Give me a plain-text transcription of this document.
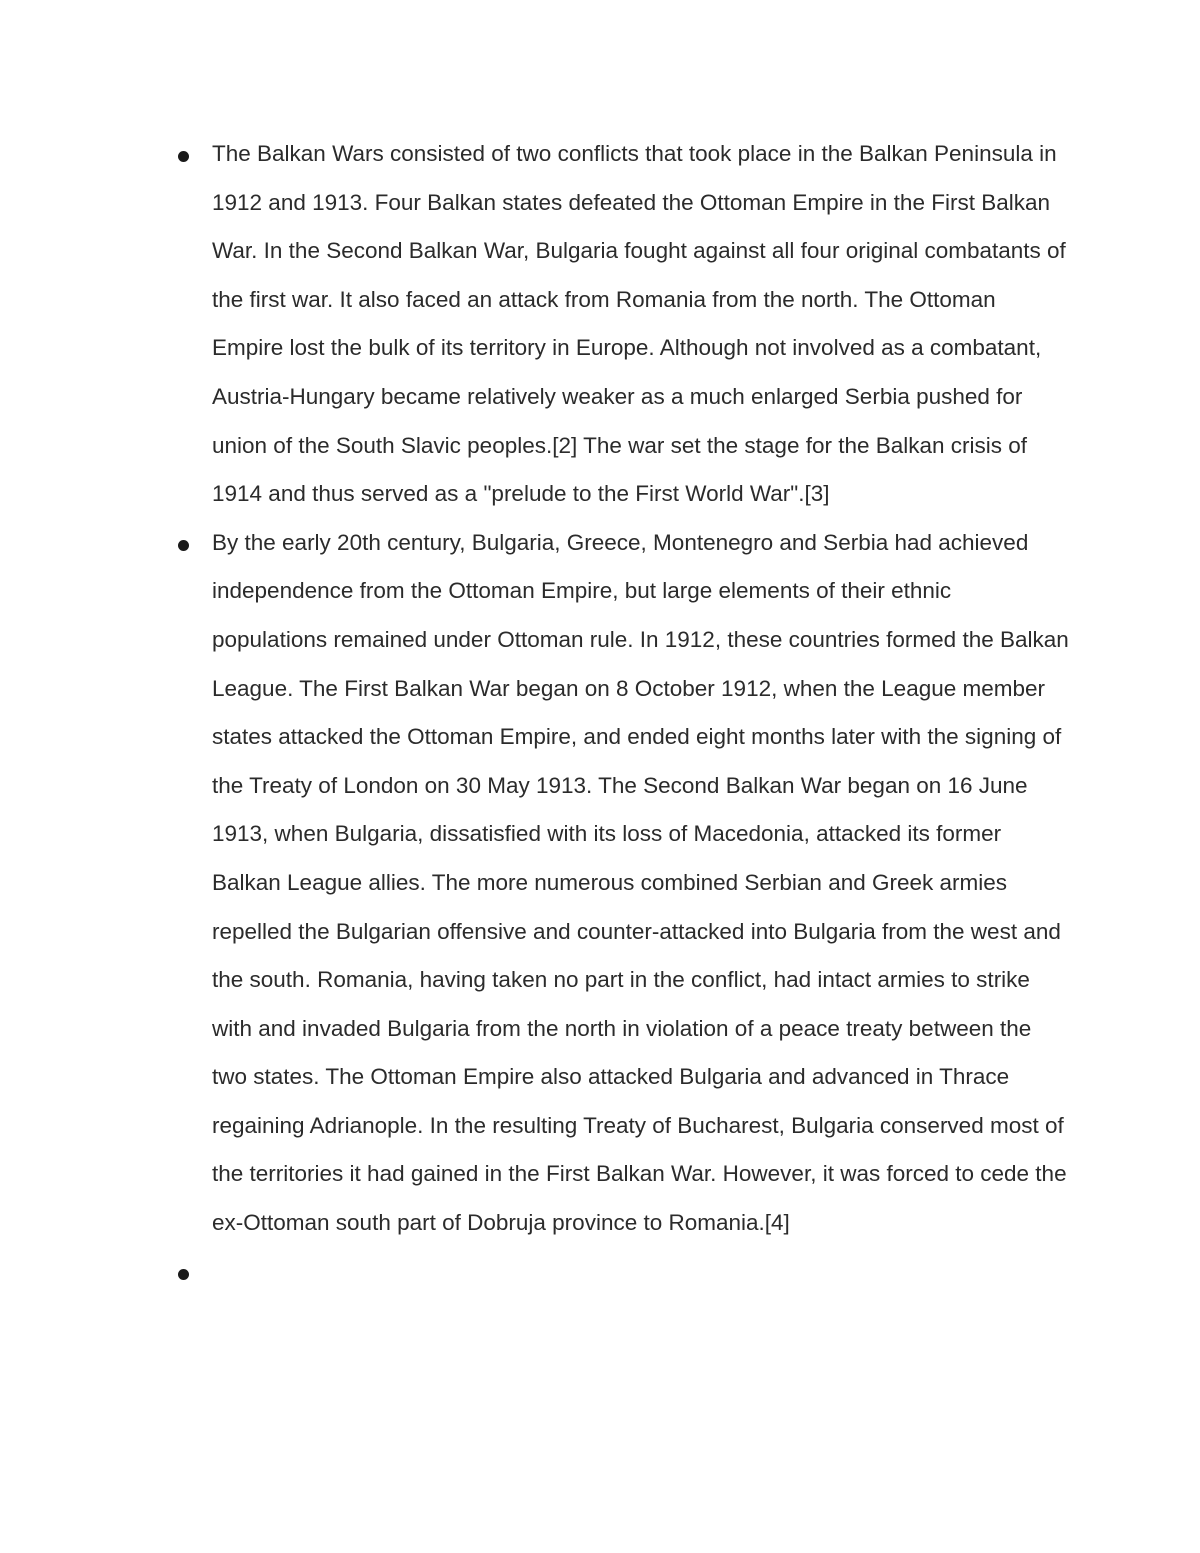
The Balkan Wars consisted of two conflicts that took place in the Balkan Peninsula in 1912 and 1913. Four Balkan states defeated the Ottoman Empire in the First Balkan War. In the Second Balkan War, Bulgaria fought against all four original combatants of the first war. It also faced an attack from Romania from the north. The Ottoman Empire lost the bulk of its territory in Europe. Although not involved as a combatant, Austria-Hungary became relatively weaker as a much enlarged Serbia pushed for union of the South Slavic peoples.[2] The war set the stage for the Balkan crisis of 1914 and thus served as a "prelude to the First World War".[3]

By the early 20th century, Bulgaria, Greece, Montenegro and Serbia had achieved independence from the Ottoman Empire, but large elements of their ethnic populations remained under Ottoman rule. In 1912, these countries formed the Balkan League. The First Balkan War began on 8 October 1912, when the League member states attacked the Ottoman Empire, and ended eight months later with the signing of the Treaty of London on 30 May 1913. The Second Balkan War began on 16 June 1913, when Bulgaria, dissatisfied with its loss of Macedonia, attacked its former Balkan League allies. The more numerous combined Serbian and Greek armies repelled the Bulgarian offensive and counter-attacked into Bulgaria from the west and the south. Romania, having taken no part in the conflict, had intact armies to strike with and invaded Bulgaria from the north in violation of a peace treaty between the two states. The Ottoman Empire also attacked Bulgaria and advanced in Thrace regaining Adrianople. In the resulting Treaty of Bucharest, Bulgaria conserved most of the territories it had gained in the First Balkan War. However, it was forced to cede the ex-Ottoman south part of Dobruja province to Romania.[4]
